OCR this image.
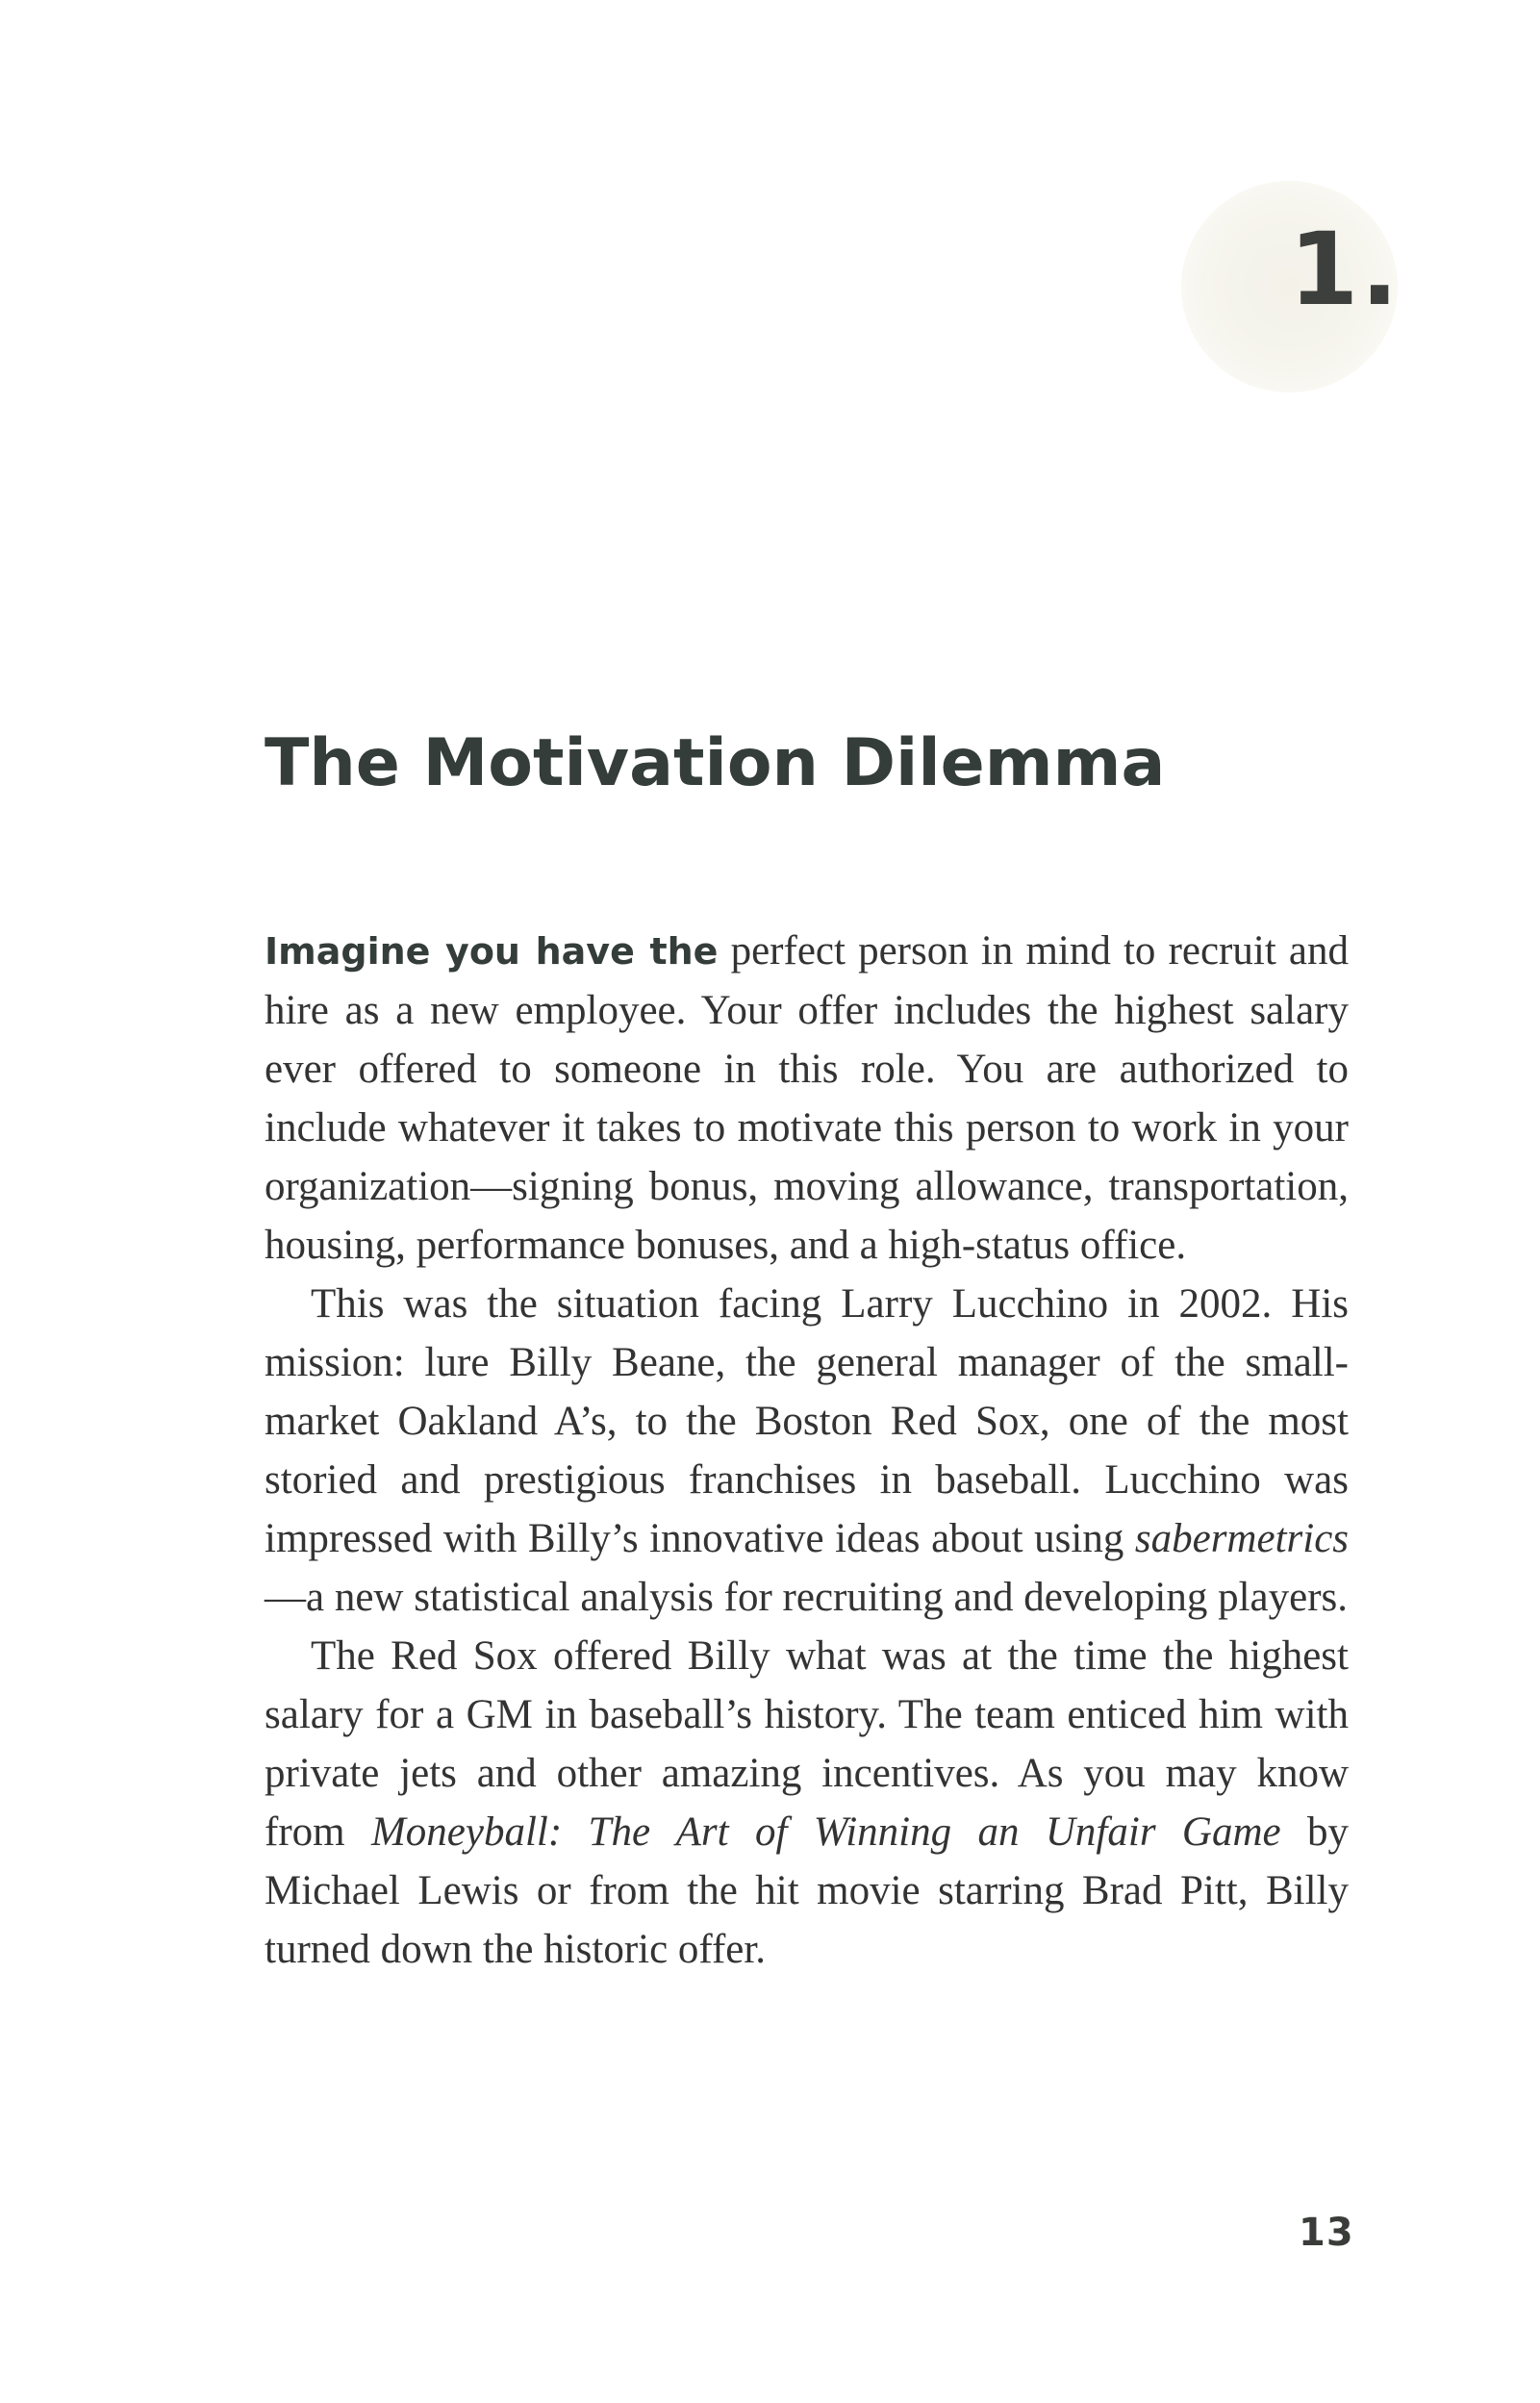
1.
The Motivation Dilemma

Imagine you have the perfect person in mind to recruit and hire as a new employee. Your offer includes the highest salary ever offered to someone in this role. You are authorized to include whatever it takes to motivate this person to work in your organization—signing bonus, moving allowance, transportation, housing, performance bonuses, and a high-status office.

This was the situation facing Larry Lucchino in 2002. His mission: lure Billy Beane, the general manager of the small-market Oakland A’s, to the Boston Red Sox, one of the most storied and prestigious franchises in baseball. Lucchino was impressed with Billy’s innovative ideas about using sabermetrics—a new statistical analysis for recruiting and developing players.

The Red Sox offered Billy what was at the time the highest salary for a GM in baseball’s history. The team enticed him with private jets and other amazing incentives. As you may know from Moneyball: The Art of Winning an Unfair Game by Michael Lewis or from the hit movie starring Brad Pitt, Billy turned down the historic offer.

13
